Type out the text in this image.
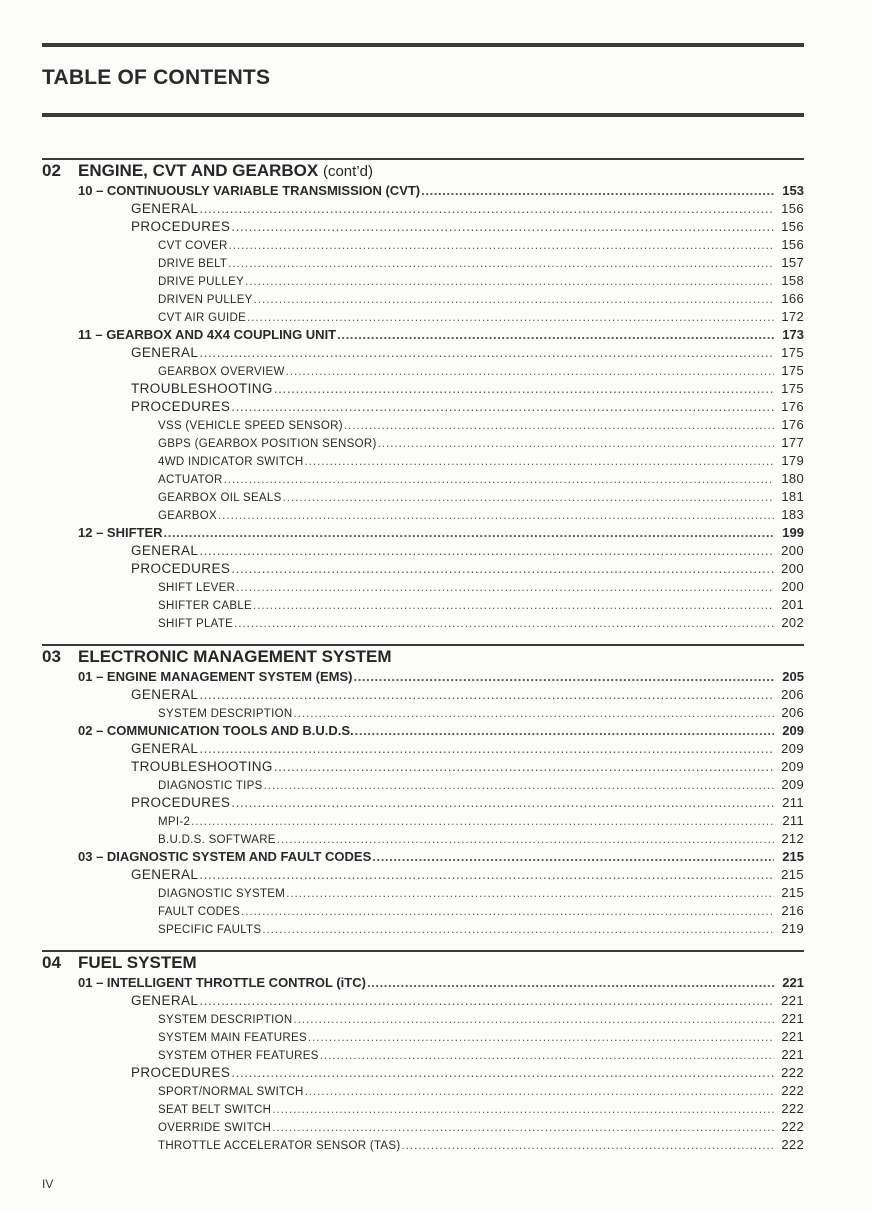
TABLE OF CONTENTS
02 ENGINE, CVT AND GEARBOX (cont’d)
10 – CONTINUOUSLY VARIABLE TRANSMISSION (CVT) .....	153
GENERAL .....	156
PROCEDURES .....	156
CVT COVER .....	156
DRIVE BELT .....	157
DRIVE PULLEY .....	158
DRIVEN PULLEY .....	166
CVT AIR GUIDE .....	172
11 – GEARBOX AND 4X4 COUPLING UNIT .....	173
GENERAL .....	175
GEARBOX OVERVIEW .....	175
TROUBLESHOOTING .....	175
PROCEDURES .....	176
VSS (VEHICLE SPEED SENSOR) .....	176
GBPS (GEARBOX POSITION SENSOR) .....	177
4WD INDICATOR SWITCH .....	179
ACTUATOR .....	180
GEARBOX OIL SEALS .....	181
GEARBOX .....	183
12 – SHIFTER .....	199
GENERAL .....	200
PROCEDURES .....	200
SHIFT LEVER .....	200
SHIFTER CABLE .....	201
SHIFT PLATE .....	202
03 ELECTRONIC MANAGEMENT SYSTEM
01 – ENGINE MANAGEMENT SYSTEM (EMS) .....	205
GENERAL .....	206
SYSTEM DESCRIPTION .....	206
02 – COMMUNICATION TOOLS AND B.U.D.S. .....	209
GENERAL .....	209
TROUBLESHOOTING .....	209
DIAGNOSTIC TIPS .....	209
PROCEDURES .....	211
MPI-2 .....	211
B.U.D.S. SOFTWARE .....	212
03 – DIAGNOSTIC SYSTEM AND FAULT CODES .....	215
GENERAL .....	215
DIAGNOSTIC SYSTEM .....	215
FAULT CODES .....	216
SPECIFIC FAULTS .....	219
04 FUEL SYSTEM
01 – INTELLIGENT THROTTLE CONTROL (iTC) .....	221
GENERAL .....	221
SYSTEM DESCRIPTION .....	221
SYSTEM MAIN FEATURES .....	221
SYSTEM OTHER FEATURES .....	221
PROCEDURES .....	222
SPORT/NORMAL SWITCH .....	222
SEAT BELT SWITCH .....	222
OVERRIDE SWITCH .....	222
THROTTLE ACCELERATOR SENSOR (TAS) .....	222
IV
